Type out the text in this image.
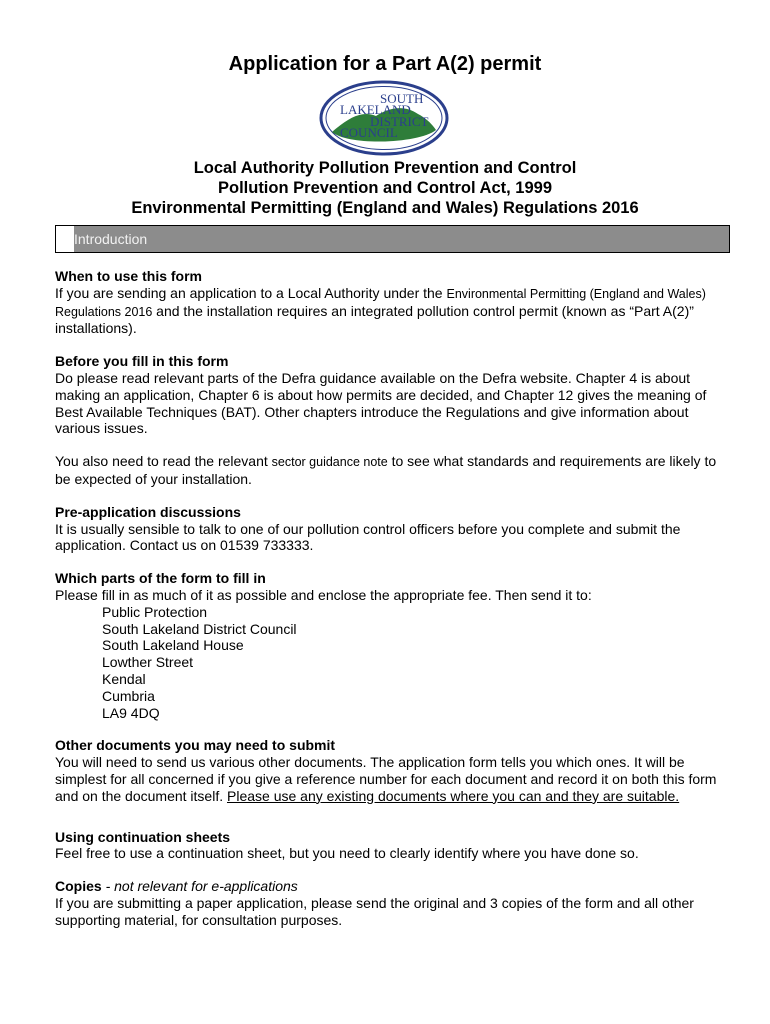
Application for a Part A(2) permit
SOUTH
LAKELAND
DISTRICT
COUNCIL
Local Authority Pollution Prevention and Control
Pollution Prevention and Control Act, 1999
Environmental Permitting (England and Wales) Regulations 2016
Introduction
When to use this form
If you are sending an application to a Local Authority under the Environmental Permitting (England and Wales) Regulations 2016 and the installation requires an integrated pollution control permit (known as “Part A(2)” installations).
Before you fill in this form
Do please read relevant parts of the Defra guidance available on the Defra website. Chapter 4 is about making an application, Chapter 6 is about how permits are decided, and Chapter 12 gives the meaning of Best Available Techniques (BAT). Other chapters introduce the Regulations and give information about various issues.
You also need to read the relevant sector guidance note to see what standards and requirements are likely to be expected of your installation.
Pre-application discussions
It is usually sensible to talk to one of our pollution control officers before you complete and submit the application. Contact us on 01539 733333.
Which parts of the form to fill in
Please fill in as much of it as possible and enclose the appropriate fee. Then send it to:
Public Protection
South Lakeland District Council
South Lakeland House
Lowther Street
Kendal
Cumbria
LA9 4DQ
Other documents you may need to submit
You will need to send us various other documents. The application form tells you which ones. It will be simplest for all concerned if you give a reference number for each document and record it on both this form and on the document itself. Please use any existing documents where you can and they are suitable.
Using continuation sheets
Feel free to use a continuation sheet, but you need to clearly identify where you have done so.
Copies - not relevant for e-applications
If you are submitting a paper application, please send the original and 3 copies of the form and all other supporting material, for consultation purposes.
